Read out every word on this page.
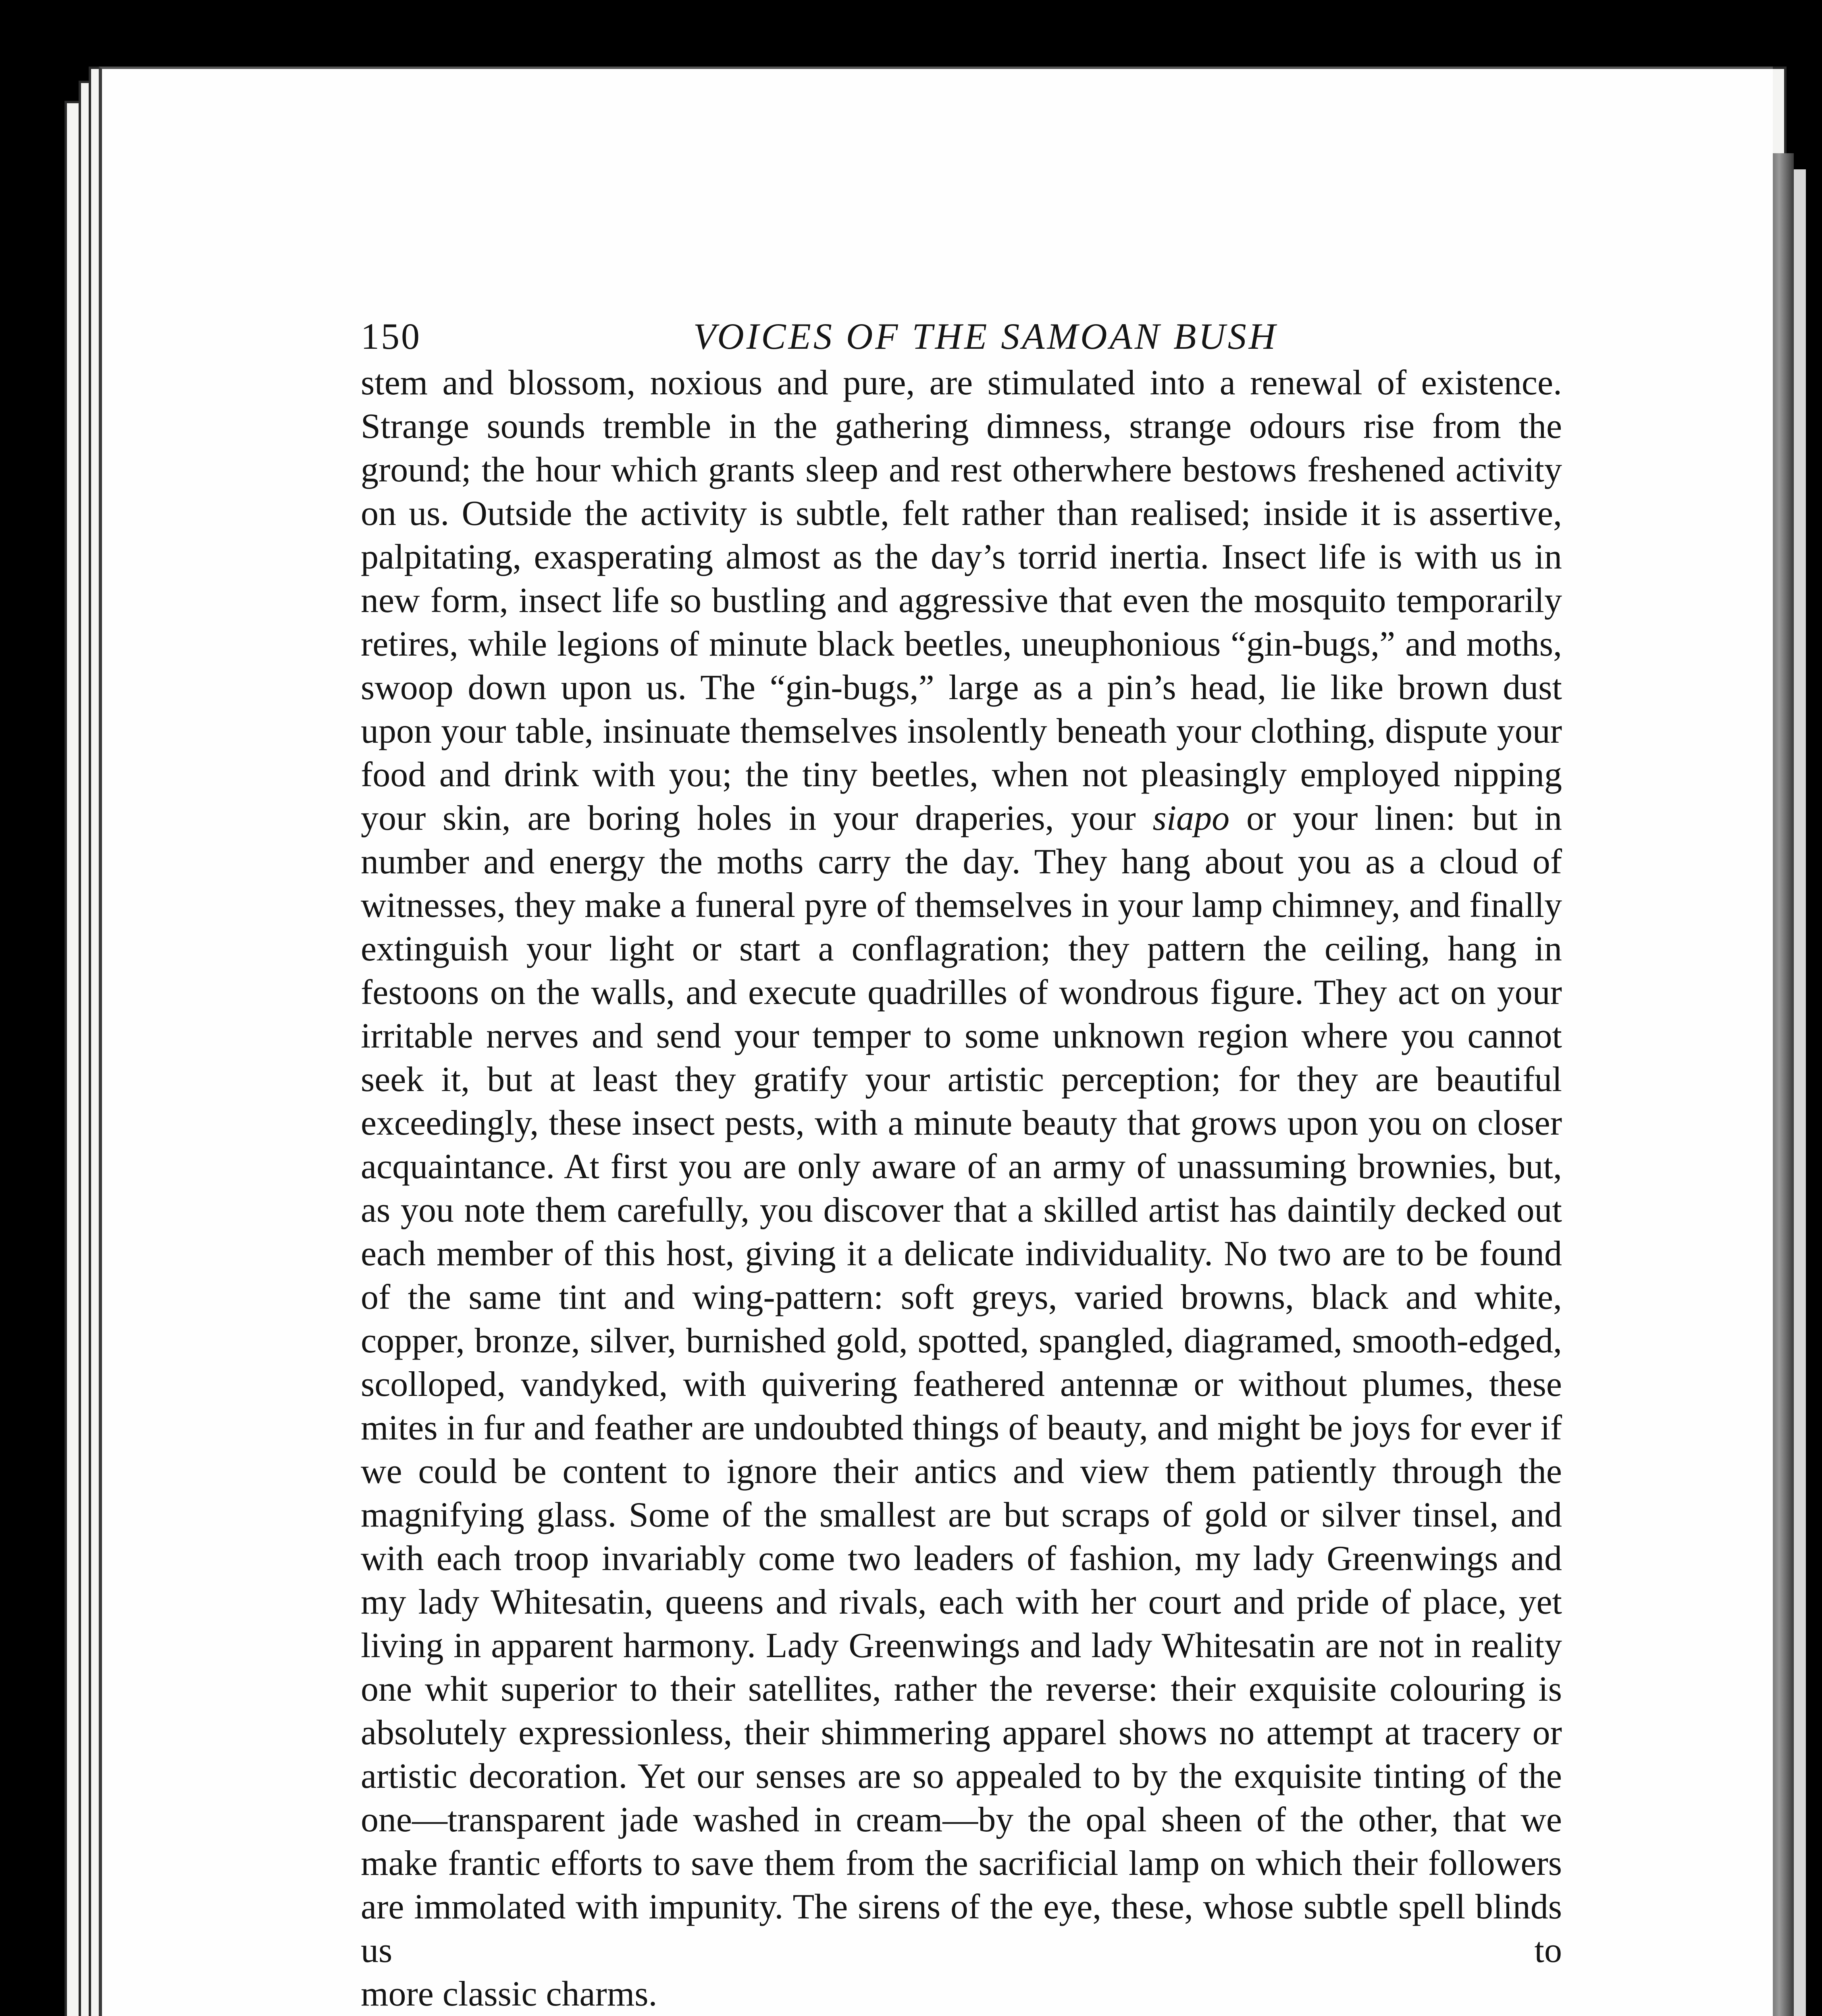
150	VOICES OF THE SAMOAN BUSH

stem and blossom, noxious and pure, are stimulated into a renewal of existence. Strange sounds tremble in the gathering dimness, strange odours rise from the ground; the hour which grants sleep and rest otherwhere bestows freshened activity on us. Outside the activity is subtle, felt rather than realised; inside it is assertive, palpitating, exasperating almost as the day’s torrid inertia. Insect life is with us in new form, insect life so bustling and aggressive that even the mosquito temporarily retires, while legions of minute black beetles, uneuphonious “gin-bugs,” and moths, swoop down upon us. The “gin-bugs,” large as a pin’s head, lie like brown dust upon your table, insinuate themselves insolently beneath your clothing, dispute your food and drink with you; the tiny beetles, when not pleasingly employed nipping your skin, are boring holes in your draperies, your siapo or your linen: but in number and energy the moths carry the day. They hang about you as a cloud of witnesses, they make a funeral pyre of themselves in your lamp chimney, and finally extinguish your light or start a conflagration; they pattern the ceiling, hang in festoons on the walls, and execute quadrilles of wondrous figure. They act on your irritable nerves and send your temper to some unknown region where you cannot seek it, but at least they gratify your artistic perception; for they are beautiful exceedingly, these insect pests, with a minute beauty that grows upon you on closer acquaintance. At first you are only aware of an army of unassuming brownies, but, as you note them carefully, you discover that a skilled artist has daintily decked out each member of this host, giving it a delicate individuality. No two are to be found of the same tint and wing-pattern: soft greys, varied browns, black and white, copper, bronze, silver, burnished gold, spotted, spangled, diagramed, smooth-edged, scolloped, vandyked, with quivering feathered antennæ or without plumes, these mites in fur and feather are undoubted things of beauty, and might be joys for ever if we could be content to ignore their antics and view them patiently through the magnifying glass. Some of the smallest are but scraps of gold or silver tinsel, and with each troop invariably come two leaders of fashion, my lady Greenwings and my lady Whitesatin, queens and rivals, each with her court and pride of place, yet living in apparent harmony. Lady Greenwings and lady Whitesatin are not in reality one whit superior to their satellites, rather the reverse: their exquisite colouring is absolutely expressionless, their shimmering apparel shows no attempt at tracery or artistic decoration. Yet our senses are so appealed to by the exquisite tinting of the one—transparent jade washed in cream—by the opal sheen of the other, that we make frantic efforts to save them from the sacrificial lamp on which their followers are immolated with impunity. The sirens of the eye, these, whose subtle spell blinds us to
more classic charms.
